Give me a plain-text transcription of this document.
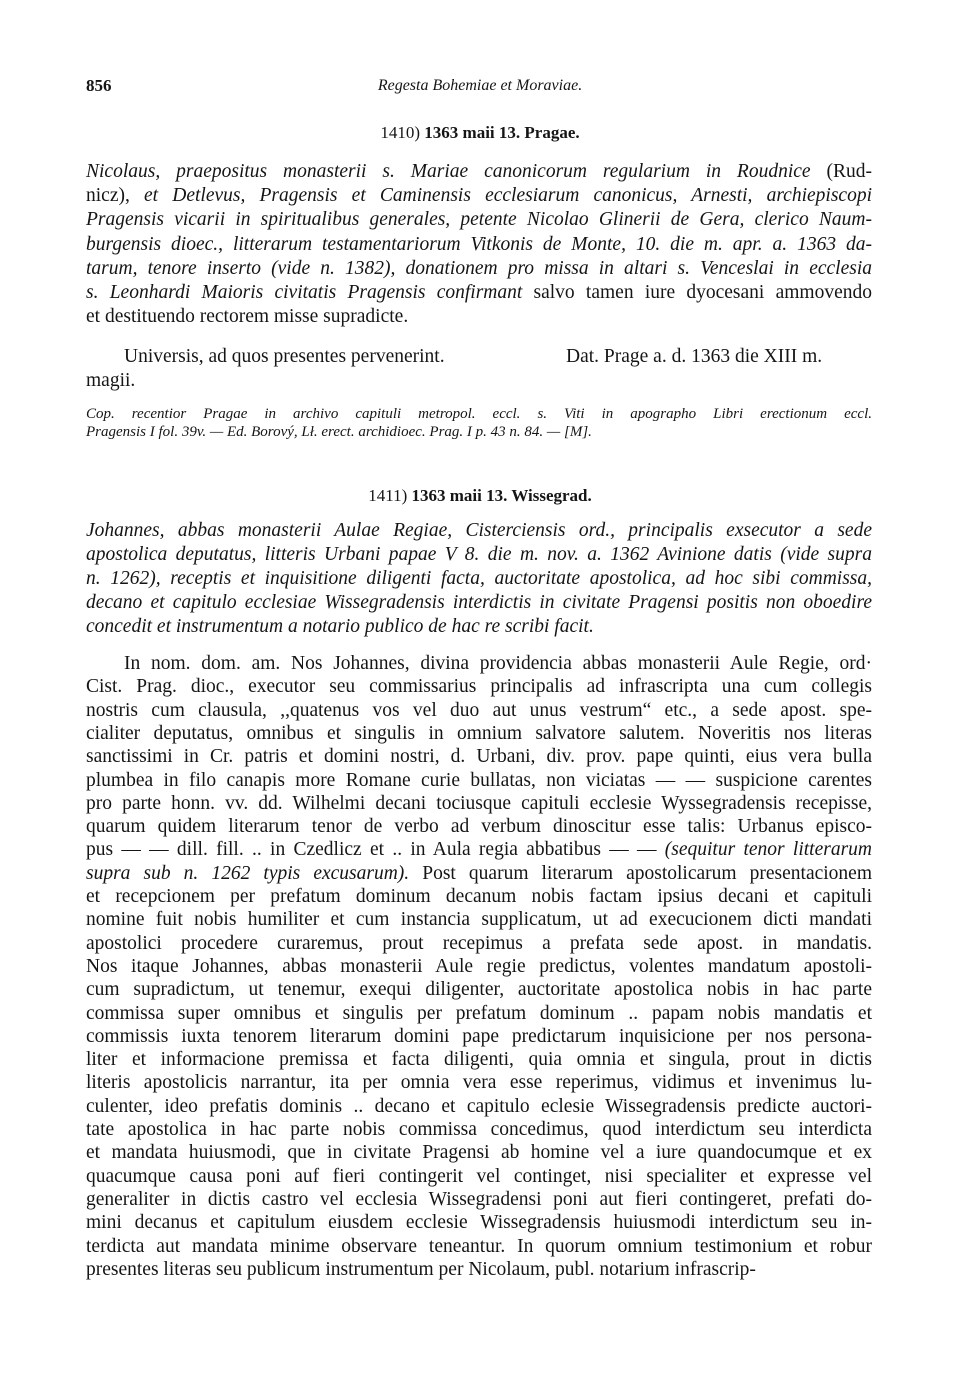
856	Regesta Bohemiae et Moraviae.
1410) 1363 maii 13. Pragae.
Nicolaus, praepositus monasterii s. Mariae canonicorum regularium in Roudnice (Rud-
nicz), et Detlevus, Pragensis et Caminensis ecclesiarum canonicus, Arnesti, archiepiscopi
Pragensis vicarii in spiritualibus generales, petente Nicolao Glinerii de Gera, clerico Naum-
burgensis dioec., litterarum testamentariorum Vitkonis de Monte, 10. die m. apr. a. 1363 da-
tarum, tenore inserto (vide n. 1382), donationem pro missa in altari s. Venceslai in ecclesia
s. Leonhardi Maioris civitatis Pragensis confirmant salvo tamen iure dyocesani ammovendo
et destituendo rectorem misse supradicte.
Universis, ad quos presentes pervenerint.	Dat. Prage a. d. 1363 die XIII m.
magii.
Cop. recentior Pragae in archivo capituli metropol. eccl. s. Viti in apographo Libri erectionum eccl.
Pragensis I fol. 39v. — Ed. Borový, Lł. erect. archidioec. Prag. I p. 43 n. 84. — [M].
1411) 1363 maii 13. Wissegrad.
Johannes, abbas monasterii Aulae Regiae, Cisterciensis ord., principalis exsecutor a sede
apostolica deputatus, litteris Urbani papae V 8. die m. nov. a. 1362 Avinione datis (vide supra
n. 1262), receptis et inquisitione diligenti facta, auctoritate apostolica, ad hoc sibi commissa,
decano et capitulo ecclesiae Wissegradensis interdictis in civitate Pragensi positis non oboedire
concedit et instrumentum a notario publico de hac re scribi facit.
In nom. dom. am. Nos Johannes, divina providencia abbas monasterii Aule Regie, ord·
Cist. Prag. dioc., executor seu commissarius principalis ad infrascripta una cum collegis
nostris cum clausula, ,,quatenus vos vel duo aut unus vestrum“ etc., a sede apost. spe-
cialiter deputatus, omnibus et singulis in omnium salvatore salutem. Noveritis nos literas
sanctissimi in Cr. patris et domini nostri, d. Urbani, div. prov. pape quinti, eius vera bulla
plumbea in filo canapis more Romane curie bullatas, non viciatas — — suspicione carentes
pro parte honn. vv. dd. Wilhelmi decani tociusque capituli ecclesie Wyssegradensis recepisse,
quarum quidem literarum tenor de verbo ad verbum dinoscitur esse talis: Urbanus episco-
pus — — dill. fill. .. in Czedlicz et .. in Aula regia abbatibus — — (sequitur tenor litterarum
supra sub n. 1262 typis excusarum). Post quarum literarum apostolicarum presentacionem
et recepcionem per prefatum dominum decanum nobis factam ipsius decani et capituli
nomine fuit nobis humiliter et cum instancia supplicatum, ut ad execucionem dicti mandati
apostolici procedere curaremus, prout recepimus a prefata sede apost. in mandatis.
Nos itaque Johannes, abbas monasterii Aule regie predictus, volentes mandatum apostoli-
cum supradictum, ut tenemur, exequi diligenter, auctoritate apostolica nobis in hac parte
commissa super omnibus et singulis per prefatum dominum .. papam nobis mandatis et
commissis iuxta tenorem literarum domini pape predictarum inquisicione per nos persona-
liter et informacione premissa et facta diligenti, quia omnia et singula, prout in dictis
literis apostolicis narrantur, ita per omnia vera esse reperimus, vidimus et invenimus lu-
culenter, ideo prefatis dominis .. decano et capitulo eclesie Wissegradensis predicte auctori-
tate apostolica in hac parte nobis commissa concedimus, quod interdictum seu interdicta
et mandata huiusmodi, que in civitate Pragensi ab homine vel a iure quandocumque et ex
quacumque causa poni auf fieri contingerit vel continget, nisi specialiter et expresse vel
generaliter in dictis castro vel ecclesia Wissegradensi poni aut fieri contingeret, prefati do-
mini decanus et capitulum eiusdem ecclesie Wissegradensis huiusmodi interdictum seu in-
terdicta aut mandata minime observare teneantur. In quorum omnium testimonium et robur
presentes literas seu publicum instrumentum per Nicolaum, publ. notarium infrascrip-
